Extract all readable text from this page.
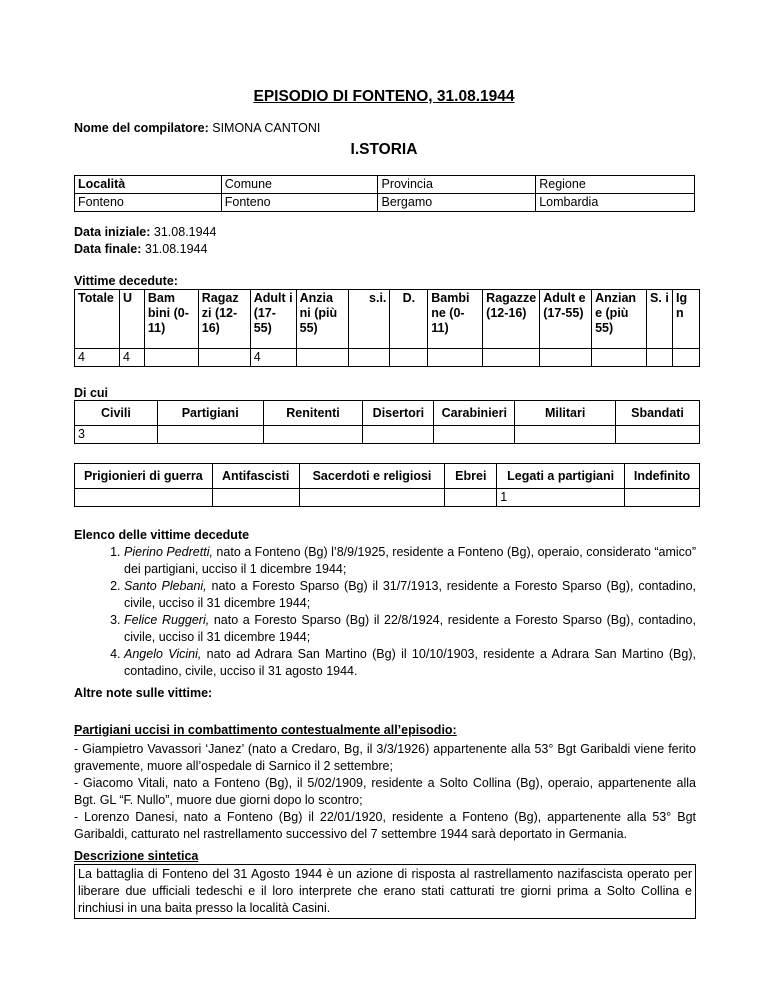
EPISODIO DI FONTENO, 31.08.1944
Nome del compilatore: SIMONA CANTONI
I.STORIA
Località	Comune	Provincia	Regione
Fonteno	Fonteno	Bergamo	Lombardia
Data iniziale: 31.08.1944
Data finale: 31.08.1944
Vittime decedute:
Totale	U	Bam bini (0-11)	Ragaz zi (12-16)	Adult i (17-55)	Anzia ni (più 55)	s.i.	D.	Bambi ne (0-11)	Ragazze (12-16)	Adult e (17-55)	Anzian e (più 55)	S. i	Ig n
4	4			4									
Di cui
Civili	Partigiani	Renitenti	Disertori	Carabinieri	Militari	Sbandati
3						
Prigionieri di guerra	Antifascisti	Sacerdoti e religiosi	Ebrei	Legati a partigiani	Indefinito
				1	
Elenco delle vittime decedute
1. Pierino Pedretti, nato a Fonteno (Bg) l’8/9/1925, residente a Fonteno (Bg), operaio, considerato “amico” dei partigiani, ucciso il 1 dicembre 1944;
2. Santo Plebani, nato a Foresto Sparso (Bg) il 31/7/1913, residente a Foresto Sparso (Bg), contadino, civile, ucciso il 31 dicembre 1944;
3. Felice Ruggeri, nato a Foresto Sparso (Bg) il 22/8/1924, residente a Foresto Sparso (Bg), contadino, civile, ucciso il 31 dicembre 1944;
4. Angelo Vicini, nato ad Adrara San Martino (Bg) il 10/10/1903, residente a Adrara San Martino (Bg), contadino, civile, ucciso il 31 agosto 1944.
Altre note sulle vittime:
Partigiani uccisi in combattimento contestualmente all’episodio:

- Giampietro Vavassori ‘Janez’ (nato a Credaro, Bg, il 3/3/1926) appartenente alla 53° Bgt Garibaldi viene ferito gravemente, muore all’ospedale di Sarnico il 2 settembre;

- Giacomo Vitali, nato a Fonteno (Bg), il 5/02/1909, residente a Solto Collina (Bg), operaio, appartenente alla Bgt. GL “F. Nullo”, muore due giorni dopo lo scontro;

- Lorenzo Danesi, nato a Fonteno (Bg) il 22/01/1920, residente a Fonteno (Bg), appartenente alla 53° Bgt Garibaldi, catturato nel rastrellamento successivo del 7 settembre 1944 sarà deportato in Germania.

Descrizione sintetica
La battaglia di Fonteno del 31 Agosto 1944 è un azione di risposta al rastrellamento nazifascista operato per liberare due ufficiali tedeschi e il loro interprete che erano stati catturati tre giorni prima a Solto Collina e rinchiusi in una baita presso la località Casini.
